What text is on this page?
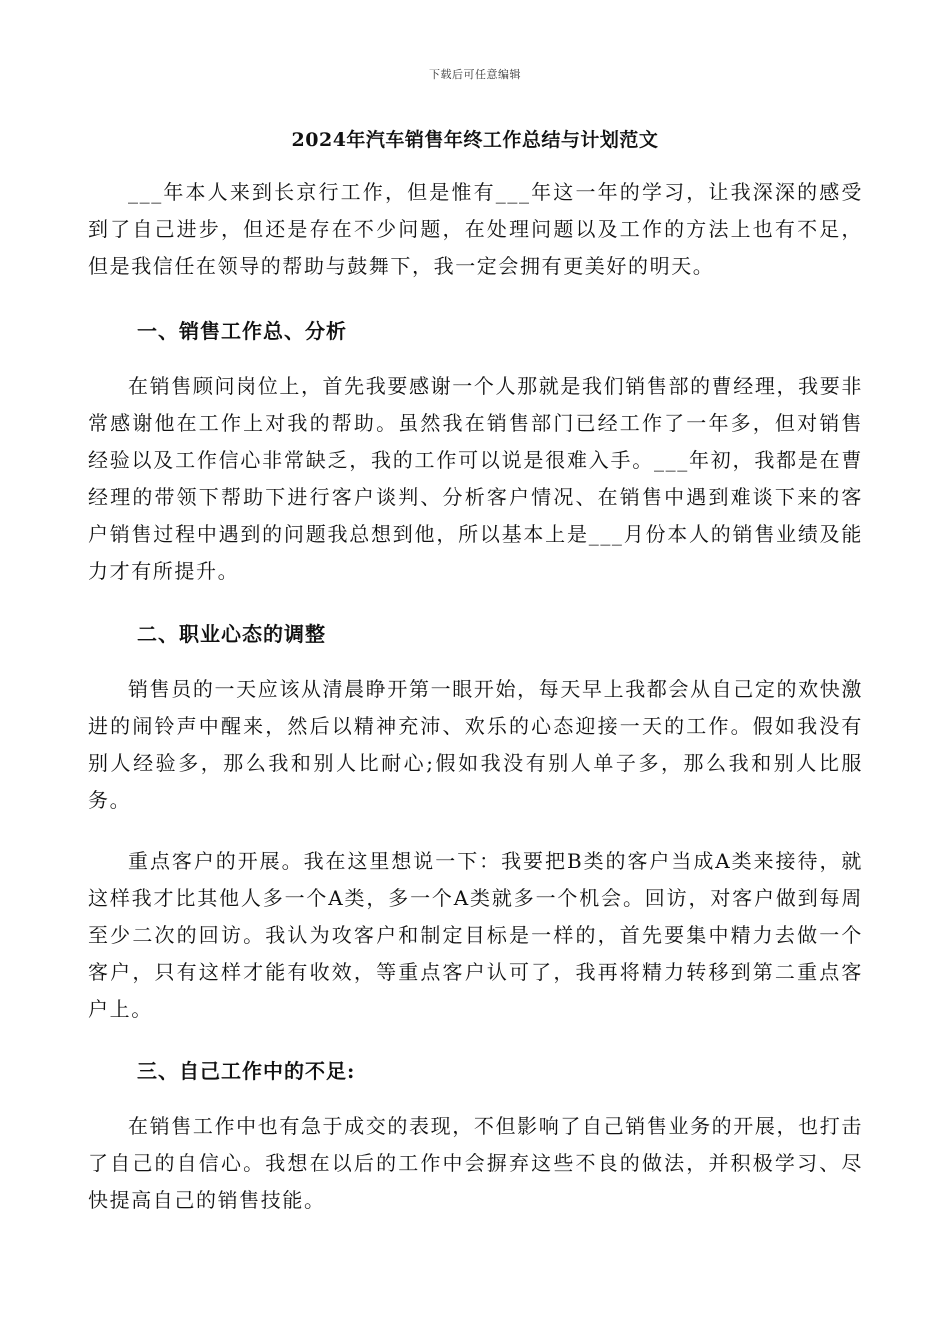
下载后可任意编辑
2024年汽车销售年终工作总结与计划范文

___年本人来到长京行工作，但是惟有___年这一年的学习，让我深深的感受到了自己进步，但还是存在不少问题，在处理问题以及工作的方法上也有不足，但是我信任在领导的帮助与鼓舞下，我一定会拥有更美好的明天。

一、销售工作总、分析

在销售顾问岗位上，首先我要感谢一个人那就是我们销售部的曹经理，我要非常感谢他在工作上对我的帮助。虽然我在销售部门已经工作了一年多，但对销售经验以及工作信心非常缺乏，我的工作可以说是很难入手。___年初，我都是在曹经理的带领下帮助下进行客户谈判、分析客户情况、在销售中遇到难谈下来的客户销售过程中遇到的问题我总想到他，所以基本上是___月份本人的销售业绩及能力才有所提升。

二、职业心态的调整

销售员的一天应该从清晨睁开第一眼开始，每天早上我都会从自己定的欢快激进的闹铃声中醒来，然后以精神充沛、欢乐的心态迎接一天的工作。假如我没有别人经验多，那么我和别人比耐心;假如我没有别人单子多，那么我和别人比服务。

重点客户的开展。我在这里想说一下：我要把B类的客户当成A类来接待，就这样我才比其他人多一个A类，多一个A类就多一个机会。回访，对客户做到每周至少二次的回访。我认为攻客户和制定目标是一样的，首先要集中精力去做一个客户，只有这样才能有收效，等重点客户认可了，我再将精力转移到第二重点客户上。

三、自己工作中的不足:

在销售工作中也有急于成交的表现，不但影响了自己销售业务的开展，也打击了自己的自信心。我想在以后的工作中会摒弃这些不良的做法，并积极学习、尽快提高自己的销售技能。
